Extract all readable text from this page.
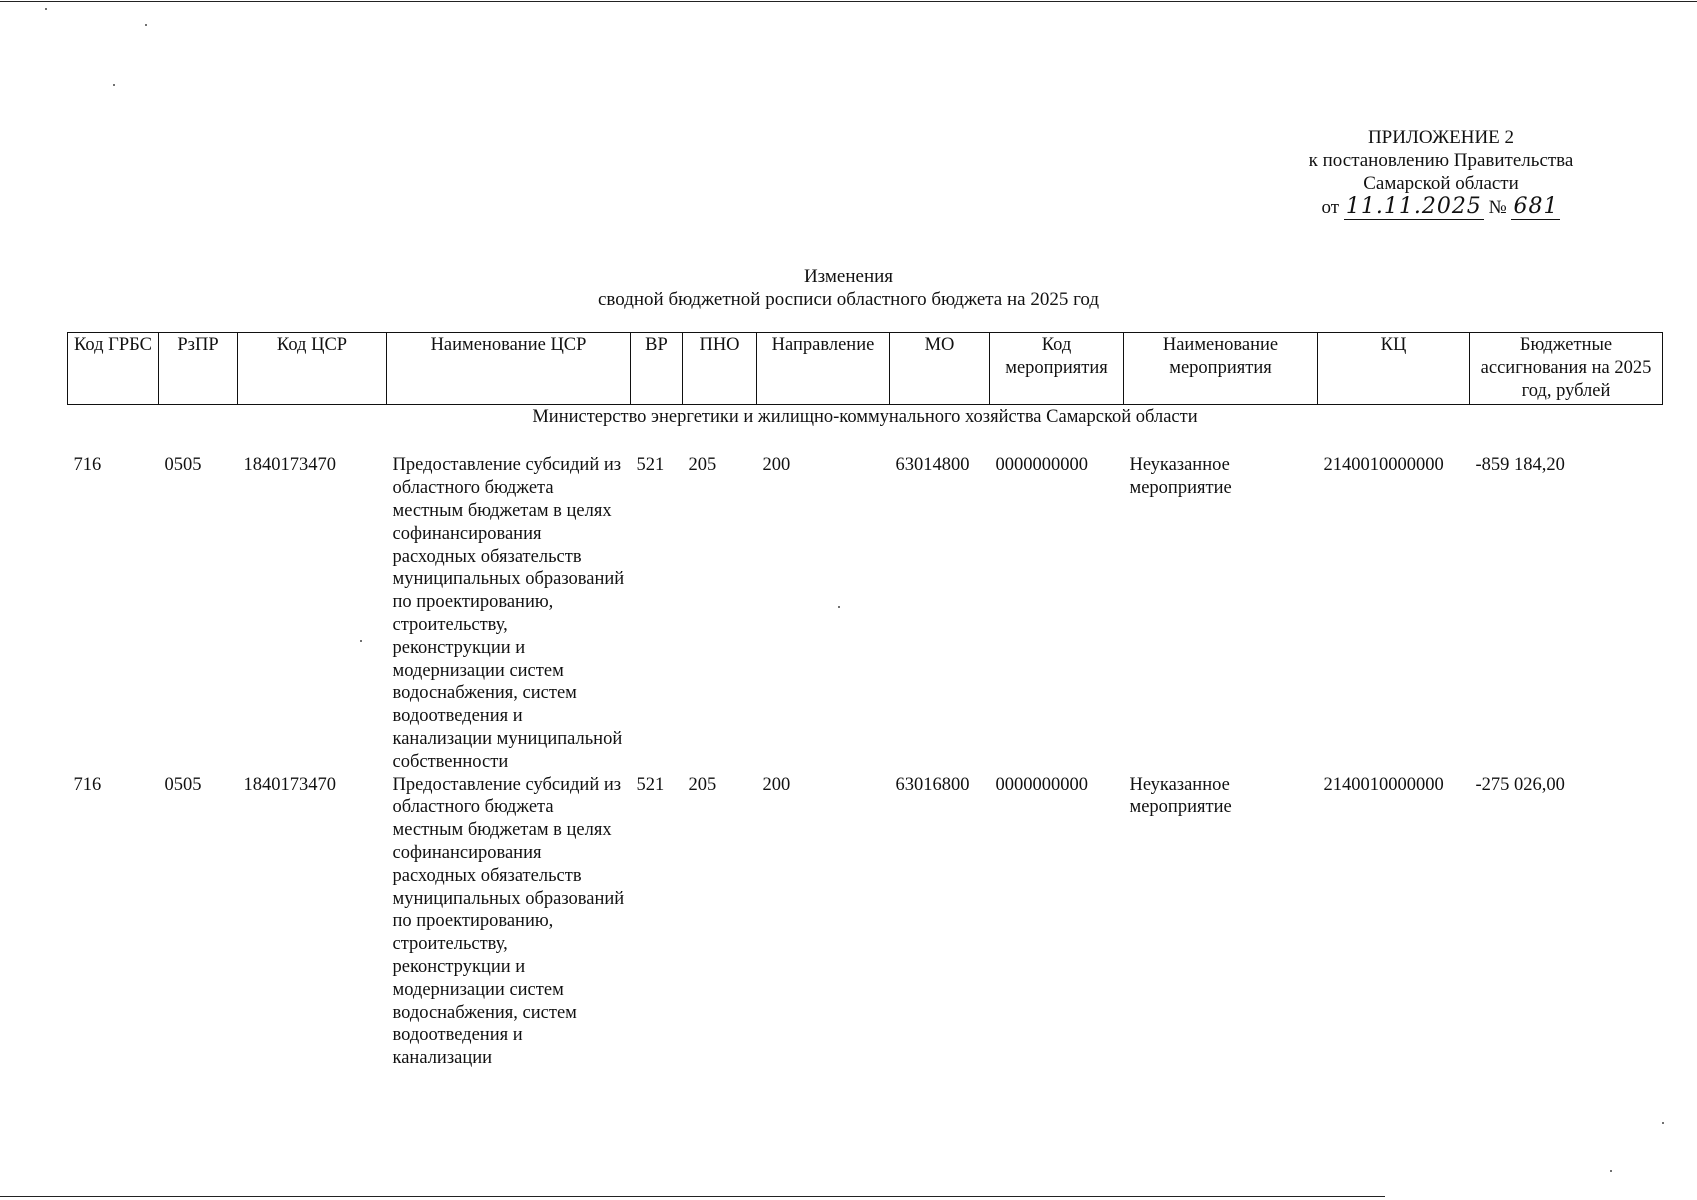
ПРИЛОЖЕНИЕ 2
к постановлению Правительства
Самарской области
от 11.11.2025 № 681
Изменения
сводной бюджетной росписи областного бюджета на 2025 год
Код ГРБС	РзПР	Код ЦСР	Наименование ЦСР	ВР	ПНО	Направление	МО	Код мероприятия	Наименование мероприятия	КЦ	Бюджетные ассигнования на 2025 год, рублей
Министерство энергетики и жилищно-коммунального хозяйства Самарской области											
716	0505	1840173470	Предоставление субсидий из областного бюджета местным бюджетам в целях софинансирования расходных обязательств муниципальных образований по проектированию, строительству, реконструкции и модернизации систем водоснабжения, систем водоотведения и канализации муниципальной собственности	521	205	200	63014800	0000000000	Неуказанное мероприятие	2140010000000	-859 184,20
716	0505	1840173470	Предоставление субсидий из областного бюджета местным бюджетам в целях софинансирования расходных обязательств муниципальных образований по проектированию, строительству, реконструкции и модернизации систем водоснабжения, систем водоотведения и канализации	521	205	200	63016800	0000000000	Неуказанное мероприятие	2140010000000	-275 026,00
